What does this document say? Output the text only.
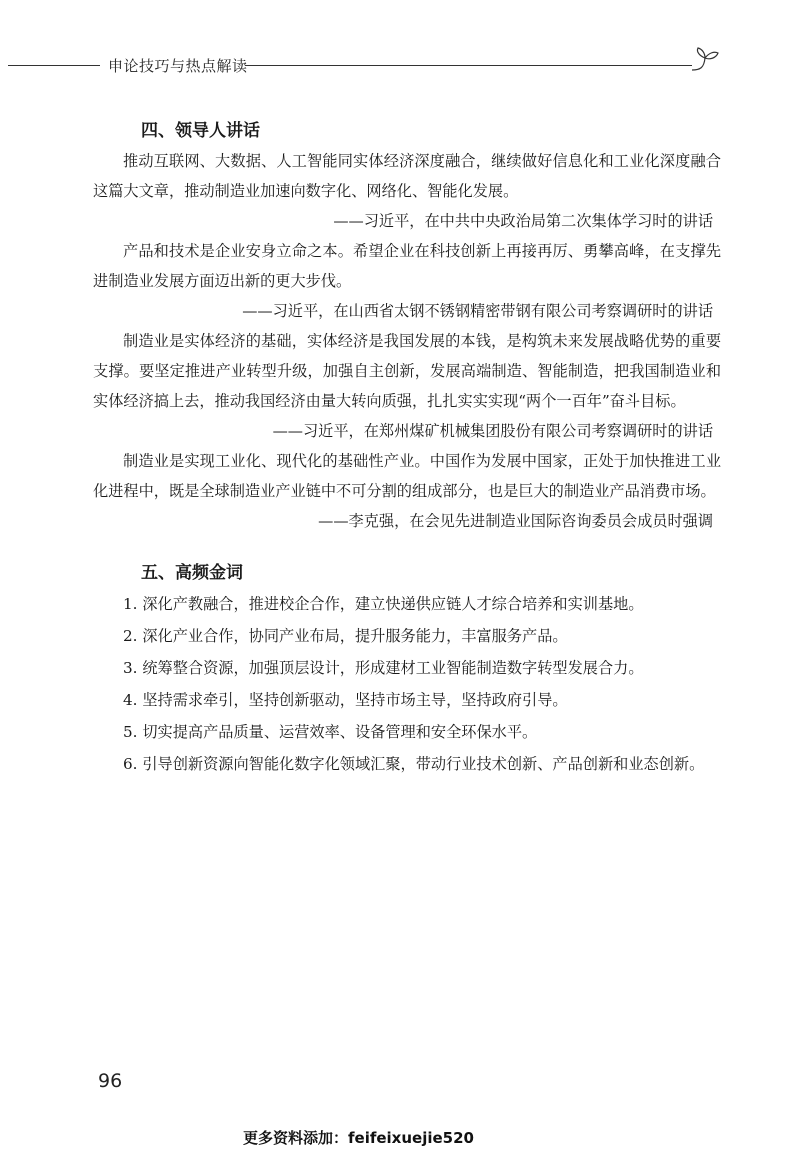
申论技巧与热点解读
四、领导人讲话

推动互联网、大数据、人工智能同实体经济深度融合，继续做好信息化和工业化深度融合这篇大文章，推动制造业加速向数字化、网络化、智能化发展。

——习近平，在中共中央政治局第二次集体学习时的讲话

产品和技术是企业安身立命之本。希望企业在科技创新上再接再厉、勇攀高峰，在支撑先进制造业发展方面迈出新的更大步伐。

——习近平，在山西省太钢不锈钢精密带钢有限公司考察调研时的讲话

制造业是实体经济的基础，实体经济是我国发展的本钱，是构筑未来发展战略优势的重要支撑。要坚定推进产业转型升级，加强自主创新，发展高端制造、智能制造，把我国制造业和实体经济搞上去，推动我国经济由量大转向质强，扎扎实实实现“两个一百年”奋斗目标。

——习近平，在郑州煤矿机械集团股份有限公司考察调研时的讲话

制造业是实现工业化、现代化的基础性产业。中国作为发展中国家，正处于加快推进工业化进程中，既是全球制造业产业链中不可分割的组成部分，也是巨大的制造业产品消费市场。

——李克强，在会见先进制造业国际咨询委员会成员时强调

五、高频金词

1. 深化产教融合，推进校企合作，建立快递供应链人才综合培养和实训基地。

2. 深化产业合作，协同产业布局，提升服务能力，丰富服务产品。

3. 统筹整合资源，加强顶层设计，形成建材工业智能制造数字转型发展合力。

4. 坚持需求牵引，坚持创新驱动，坚持市场主导，坚持政府引导。

5. 切实提高产品质量、运营效率、设备管理和安全环保水平。

6. 引导创新资源向智能化数字化领域汇聚，带动行业技术创新、产品创新和业态创新。

96
更多资料添加：feifeixuejie520
